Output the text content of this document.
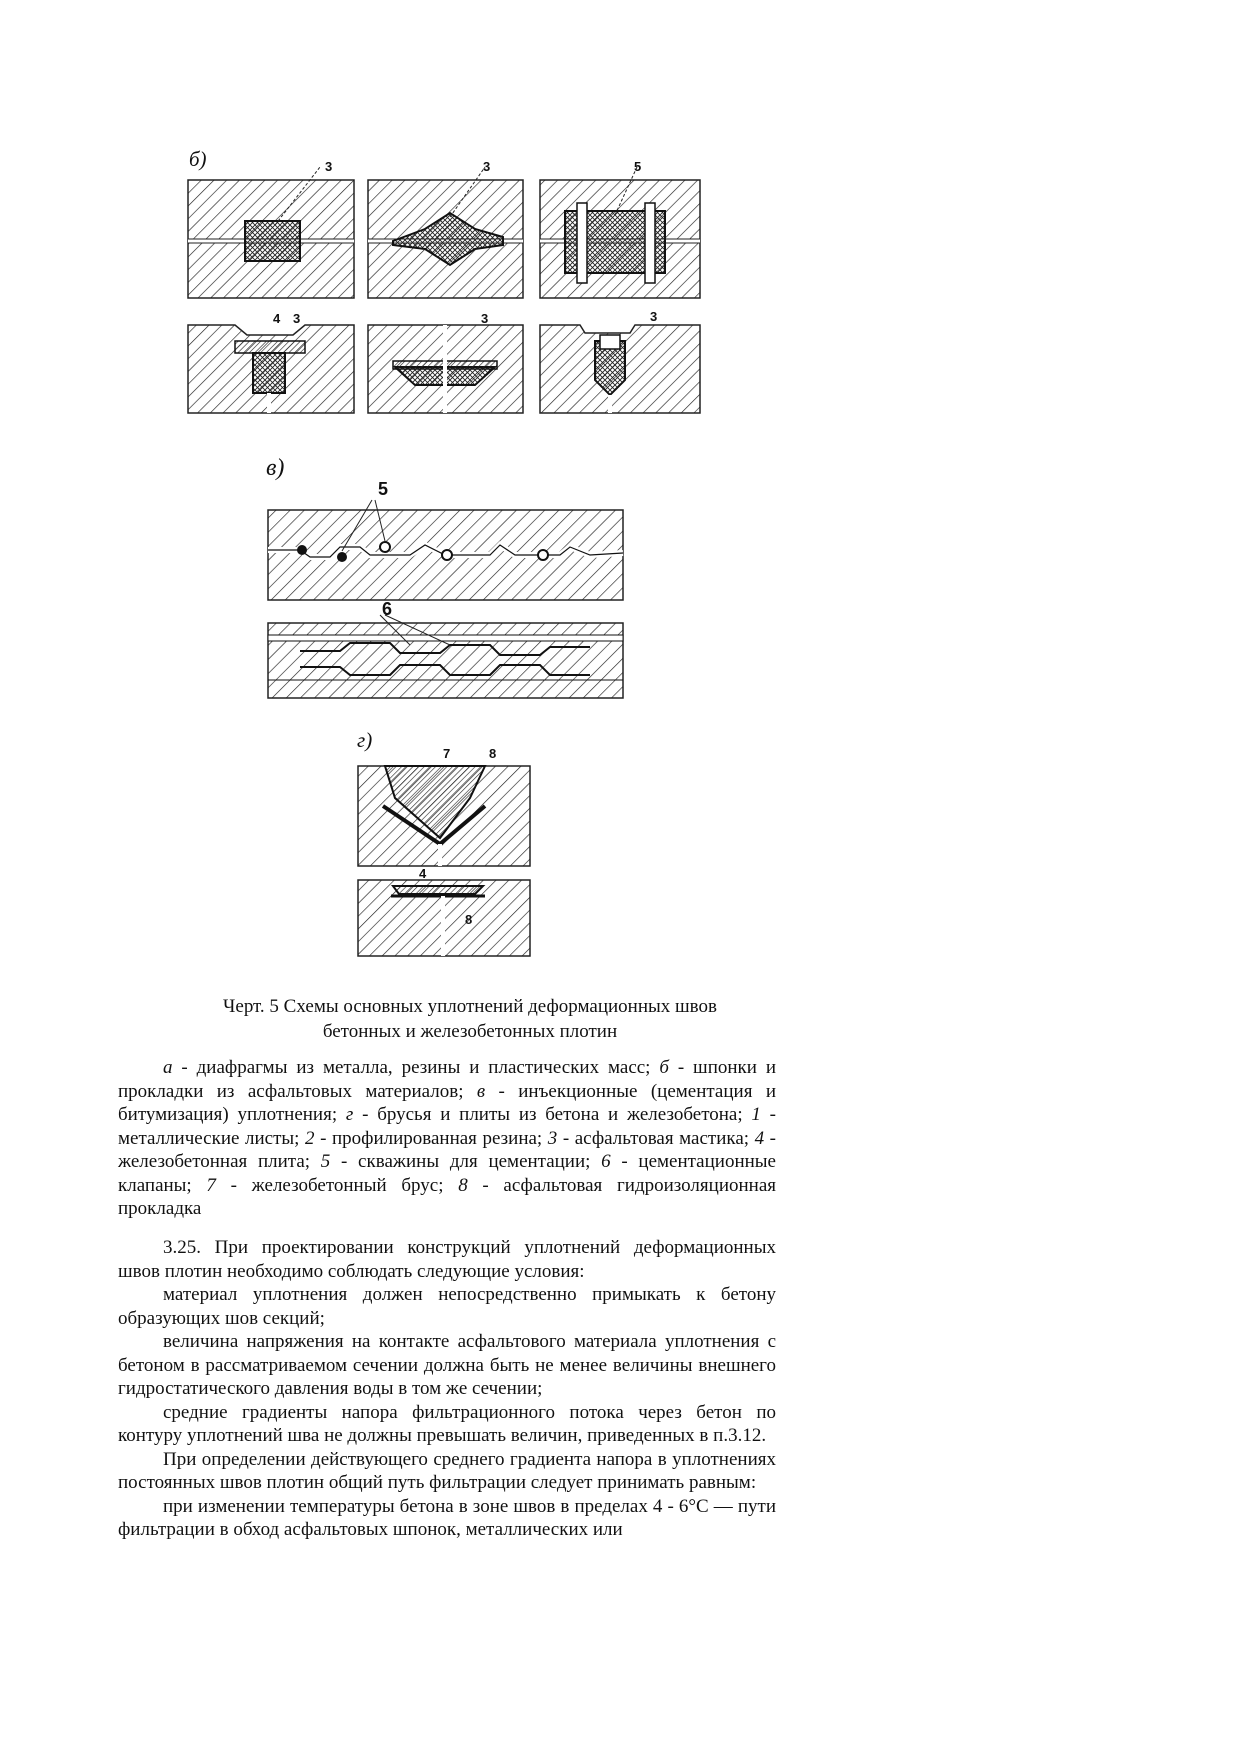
б)	3	3	5
4 3	3	3
в)
5
6
г)
7	8
4
8
Черт. 5 Схемы основных уплотнений деформационных швов
бетонных и железобетонных плотин

а - диафрагмы из металла, резины и пластических масс; б - шпонки и прокладки из асфальтовых материалов; в - инъекционные (цементация и битумизация) уплотнения; г - брусья и плиты из бетона и железобетона; 1 - металлические листы; 2 - профилированная резина; 3 - асфальтовая мастика; 4 - железобетонная плита; 5 - скважины для цементации; 6 - цементационные клапаны; 7 - железобетонный брус; 8 - асфальтовая гидроизоляционная прокладка

3.25. При проектировании конструкций уплотнений деформационных швов плотин необходимо соблюдать следующие условия:

материал уплотнения должен непосредственно примыкать к бетону образующих шов секций;

величина напряжения на контакте асфальтового материала уплотнения с бетоном в рассматриваемом сечении должна быть не менее величины внешнего гидростатического давления воды в том же сечении;

средние градиенты напора фильтрационного потока через бетон по контуру уплотнений шва не должны превышать величин, приведенных в п.3.12.

При определении действующего среднего градиента напора в уплотнениях постоянных швов плотин общий путь фильтрации следует принимать равным:

при изменении температуры бетона в зоне швов в пределах 4 - 6°С — пути фильтрации в обход асфальтовых шпонок, металлических или
